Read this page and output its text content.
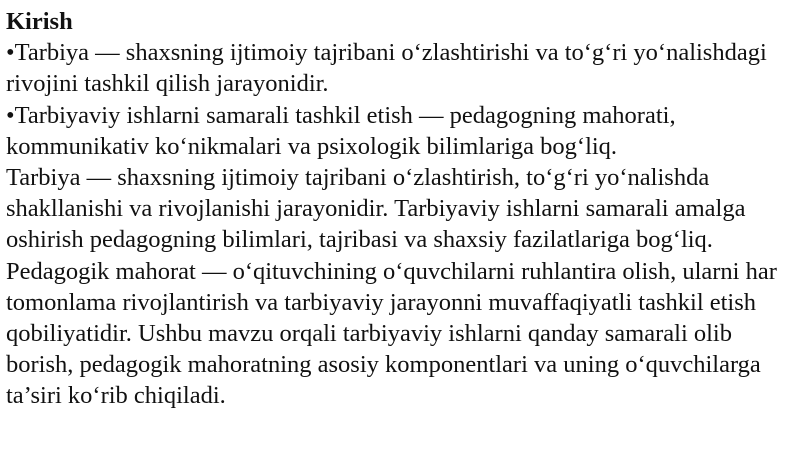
Kirish
• Tarbiya — shaxsning ijtimoiy tajribani o‘zlashtirishi va to‘g‘ri yo‘nalishdagi rivojini tashkil qilish jarayonidir.
• Tarbiyaviy ishlarni samarali tashkil etish — pedagogning mahorati, kommunikativ ko‘nikmalari va psixologik bilimlariga bog‘liq.
Tarbiya — shaxsning ijtimoiy tajribani o‘zlashtirish, to‘g‘ri yo‘nalishda shakllanishi va rivojlanishi jarayonidir. Tarbiyaviy ishlarni samarali amalga oshirish pedagogning bilimlari, tajribasi va shaxsiy fazilatlariga bog‘liq.
Pedagogik mahorat — o‘qituvchining o‘quvchilarni ruhlantira olish, ularni har tomonlama rivojlantirish va tarbiyaviy jarayonni muvaffaqiyatli tashkil etish qobiliyatidir. Ushbu mavzu orqali tarbiyaviy ishlarni qanday samarali olib borish, pedagogik mahoratning asosiy komponentlari va uning o‘quvchilarga ta’siri ko‘rib chiqiladi.
